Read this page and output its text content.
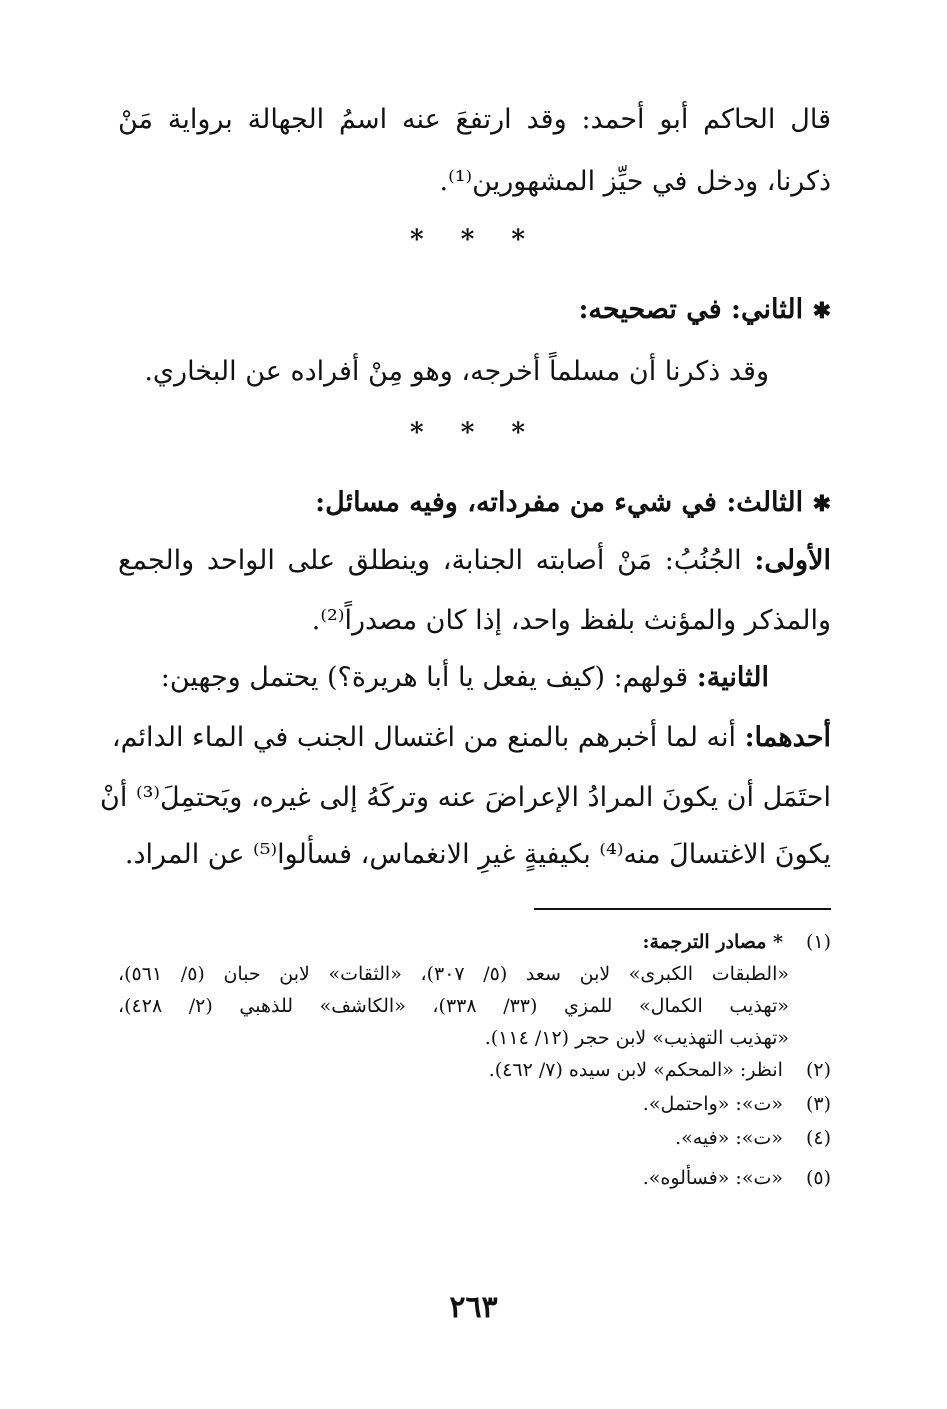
قال الحاكم أبو أحمد: وقد ارتفعَ عنه اسمُ الجهالة برواية مَنْ
ذكرنا، ودخل في حيِّز المشهورين⁽¹⁾.
* * *
✱ الثاني: في تصحيحه:
وقد ذكرنا أن مسلماً أخرجه، وهو مِنْ أفراده عن البخاري.
* * *
✱ الثالث: في شيء من مفرداته، وفيه مسائل:
الأولى: الجُنُبُ: مَنْ أصابته الجنابة، وينطلق على الواحد والجمع
والمذكر والمؤنث بلفظ واحد، إذا كان مصدراً⁽²⁾.
الثانية: قولهم: (كيف يفعل يا أبا هريرة؟) يحتمل وجهين:
أحدهما: أنه لما أخبرهم بالمنع من اغتسال الجنب في الماء الدائم،
احتَمَل أن يكونَ المرادُ الإعراضَ عنه وتركَهُ إلى غيره، ويَحتمِلَ⁽³⁾ أنْ
يكونَ الاغتسالَ منه⁽⁴⁾ بكيفيةٍ غيرِ الانغماس، فسألوا⁽⁵⁾ عن المراد.
(١) * مصادر الترجمة:
«الطبقات الكبرى» لابن سعد (٥/ ٣٠٧)، «الثقات» لابن حبان (٥/ ٥٦١)،
«تهذيب الكمال» للمزي (٣٣/ ٣٣٨)، «الكاشف» للذهبي (٢/ ٤٢٨)،
«تهذيب التهذيب» لابن حجر (١٢/ ١١٤).
(٢) انظر: «المحكم» لابن سيده (٧/ ٤٦٢).
(٣) «ت»: «واحتمل».
(٤) «ت»: «فيه».
(٥) «ت»: «فسألوه».
٢٦٣
